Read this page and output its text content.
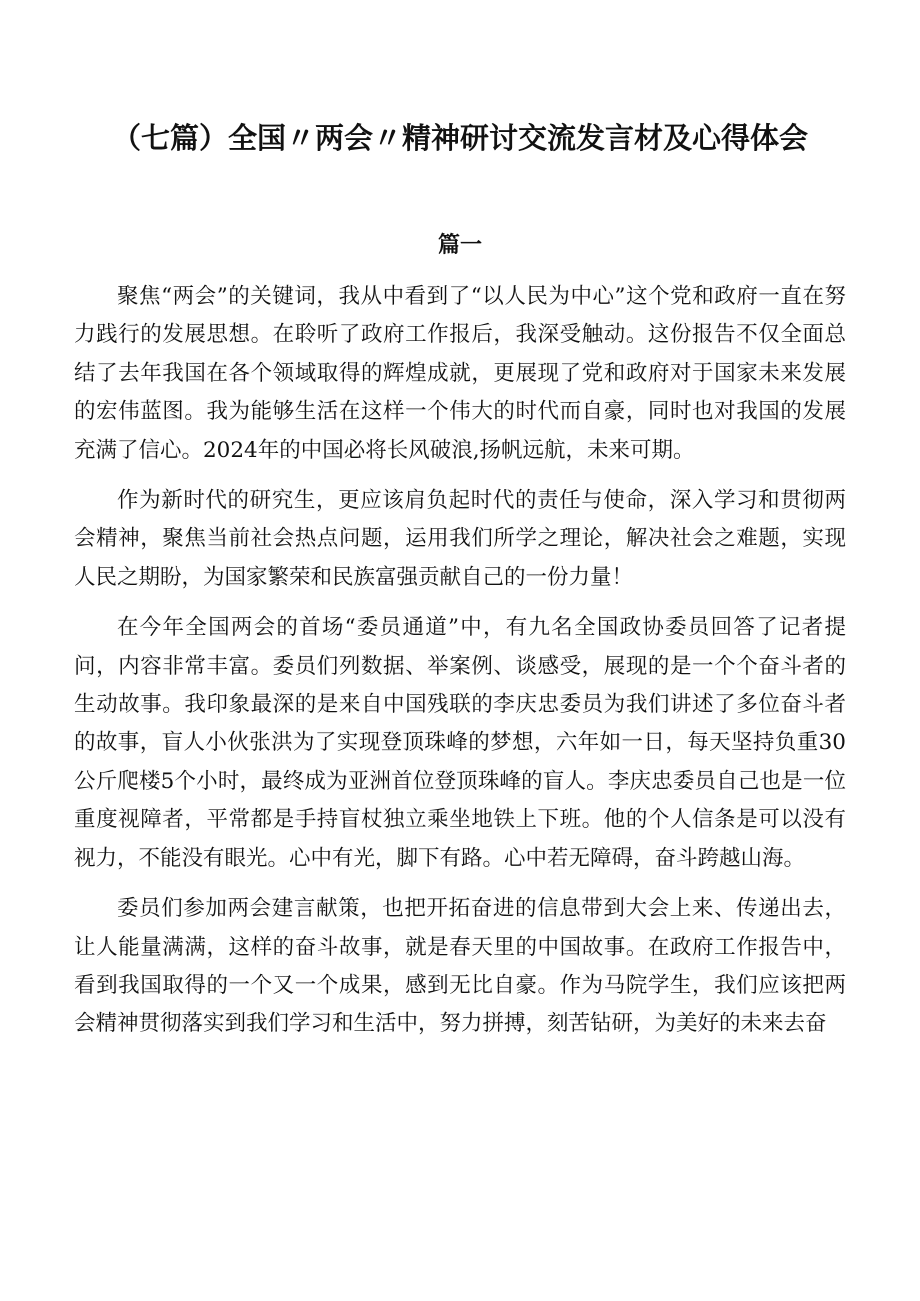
（七篇）全国〃两会〃精神研讨交流发言材及心得体会
篇一

聚焦“两会”的关键词，我从中看到了“以人民为中心”这个党和政府一直在努力践行的发展思想。在聆听了政府工作报后，我深受触动。这份报告不仅全面总结了去年我国在各个领域取得的辉煌成就，更展现了党和政府对于国家未来发展的宏伟蓝图。我为能够生活在这样一个伟大的时代而自豪，同时也对我国的发展充满了信心。2024年的中国必将长风破浪,扬帆远航，未来可期。

作为新时代的研究生，更应该肩负起时代的责任与使命，深入学习和贯彻两会精神，聚焦当前社会热点问题，运用我们所学之理论，解决社会之难题，实现人民之期盼，为国家繁荣和民族富强贡献自己的一份力量！

在今年全国两会的首场“委员通道”中，有九名全国政协委员回答了记者提问，内容非常丰富。委员们列数据、举案例、谈感受，展现的是一个个奋斗者的生动故事。我印象最深的是来自中国残联的李庆忠委员为我们讲述了多位奋斗者的故事，盲人小伙张洪为了实现登顶珠峰的梦想，六年如一日，每天坚持负重30公斤爬楼5个小时，最终成为亚洲首位登顶珠峰的盲人。李庆忠委员自己也是一位重度视障者，平常都是手持盲杖独立乘坐地铁上下班。他的个人信条是可以没有视力，不能没有眼光。心中有光，脚下有路。心中若无障碍，奋斗跨越山海。

委员们参加两会建言献策，也把开拓奋进的信息带到大会上来、传递出去，让人能量满满，这样的奋斗故事，就是春天里的中国故事。在政府工作报告中，看到我国取得的一个又一个成果，感到无比自豪。作为马院学生，我们应该把两会精神贯彻落实到我们学习和生活中，努力拼搏，刻苦钻研，为美好的未来去奋
